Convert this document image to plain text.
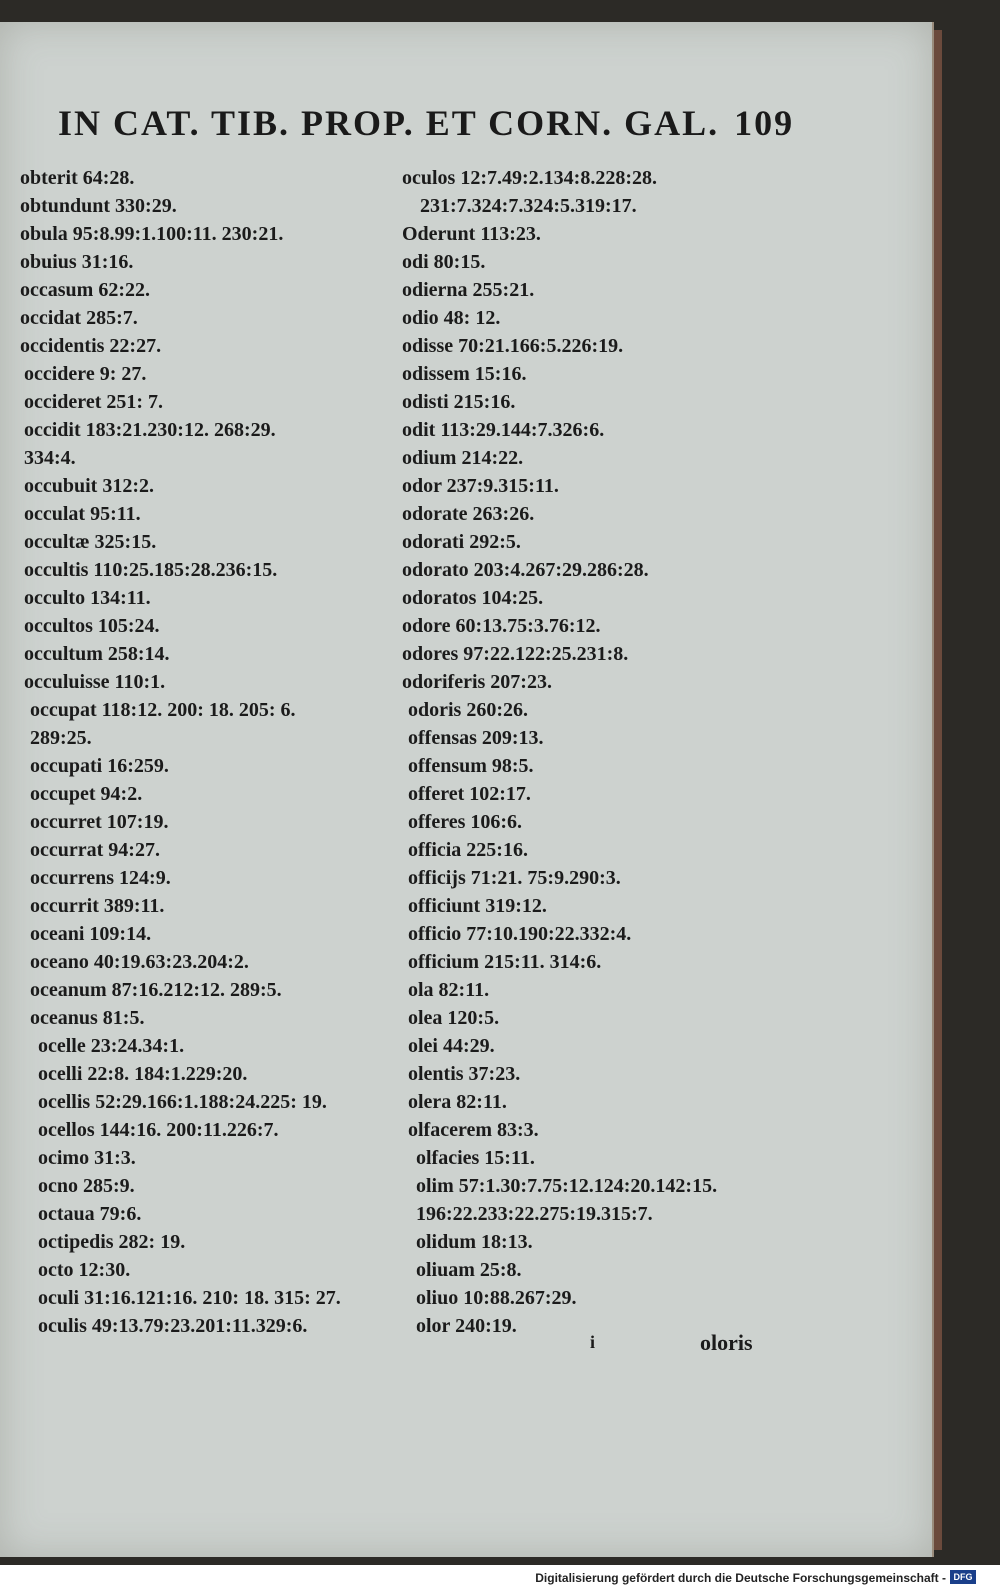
IN CAT. TIB. PROP. ET CORN. GAL. 109
obterit 64:28.
obtundunt 330:29.
obula 95:8.99:1.100:11. 230:21.
obuius 31:16.
occasum 62:22.
occidat 285:7.
occidentis 22:27.
occidere 9: 27.
occideret 251: 7.
occidit 183:21.230:12. 268:29.
334:4.
occubuit 312:2.
occulat 95:11.
occultæ 325:15.
occultis 110:25.185:28.236:15.
occulto 134:11.
occultos 105:24.
occultum 258:14.
occuluisse 110:1.
occupat 118:12. 200: 18. 205: 6.
289:25.
occupati 16:259.
occupet 94:2.
occurret 107:19.
occurrat 94:27.
occurrens 124:9.
occurrit 389:11.
oceani 109:14.
oceano 40:19.63:23.204:2.
oceanum 87:16.212:12. 289:5.
oceanus 81:5.
ocelle 23:24.34:1.
ocelli 22:8. 184:1.229:20.
ocellis 52:29.166:1.188:24.225: 19.
ocellos 144:16. 200:11.226:7.
ocimo 31:3.
ocno 285:9.
octaua 79:6.
octipedis 282: 19.
octo 12:30.
oculi 31:16.121:16. 210: 18. 315: 27.
oculis 49:13.79:23.201:11.329:6.
oculos 12:7.49:2.134:8.228:28.
231:7.324:7.324:5.319:17.
Oderunt 113:23.
odi 80:15.
odierna 255:21.
odio 48: 12.
odisse 70:21.166:5.226:19.
odissem 15:16.
odisti 215:16.
odit 113:29.144:7.326:6.
odium 214:22.
odor 237:9.315:11.
odorate 263:26.
odorati 292:5.
odorato 203:4.267:29.286:28.
odoratos 104:25.
odore 60:13.75:3.76:12.
odores 97:22.122:25.231:8.
odoriferis 207:23.
odoris 260:26.
offensas 209:13.
offensum 98:5.
offeret 102:17.
offeres 106:6.
officia 225:16.
officijs 71:21. 75:9.290:3.
officiunt 319:12.
officio 77:10.190:22.332:4.
officium 215:11. 314:6.
ola 82:11.
olea 120:5.
olei 44:29.
olentis 37:23.
olera 82:11.
olfacerem 83:3.
olfacies 15:11.
olim 57:1.30:7.75:12.124:20.142:15.
196:22.233:22.275:19.315:7.
olidum 18:13.
oliuam 25:8.
oliuo 10:88.267:29.
olor 240:19.
i	oloris
Digitalisierung gefördert durch die Deutsche Forschungsgemeinschaft - DFG
